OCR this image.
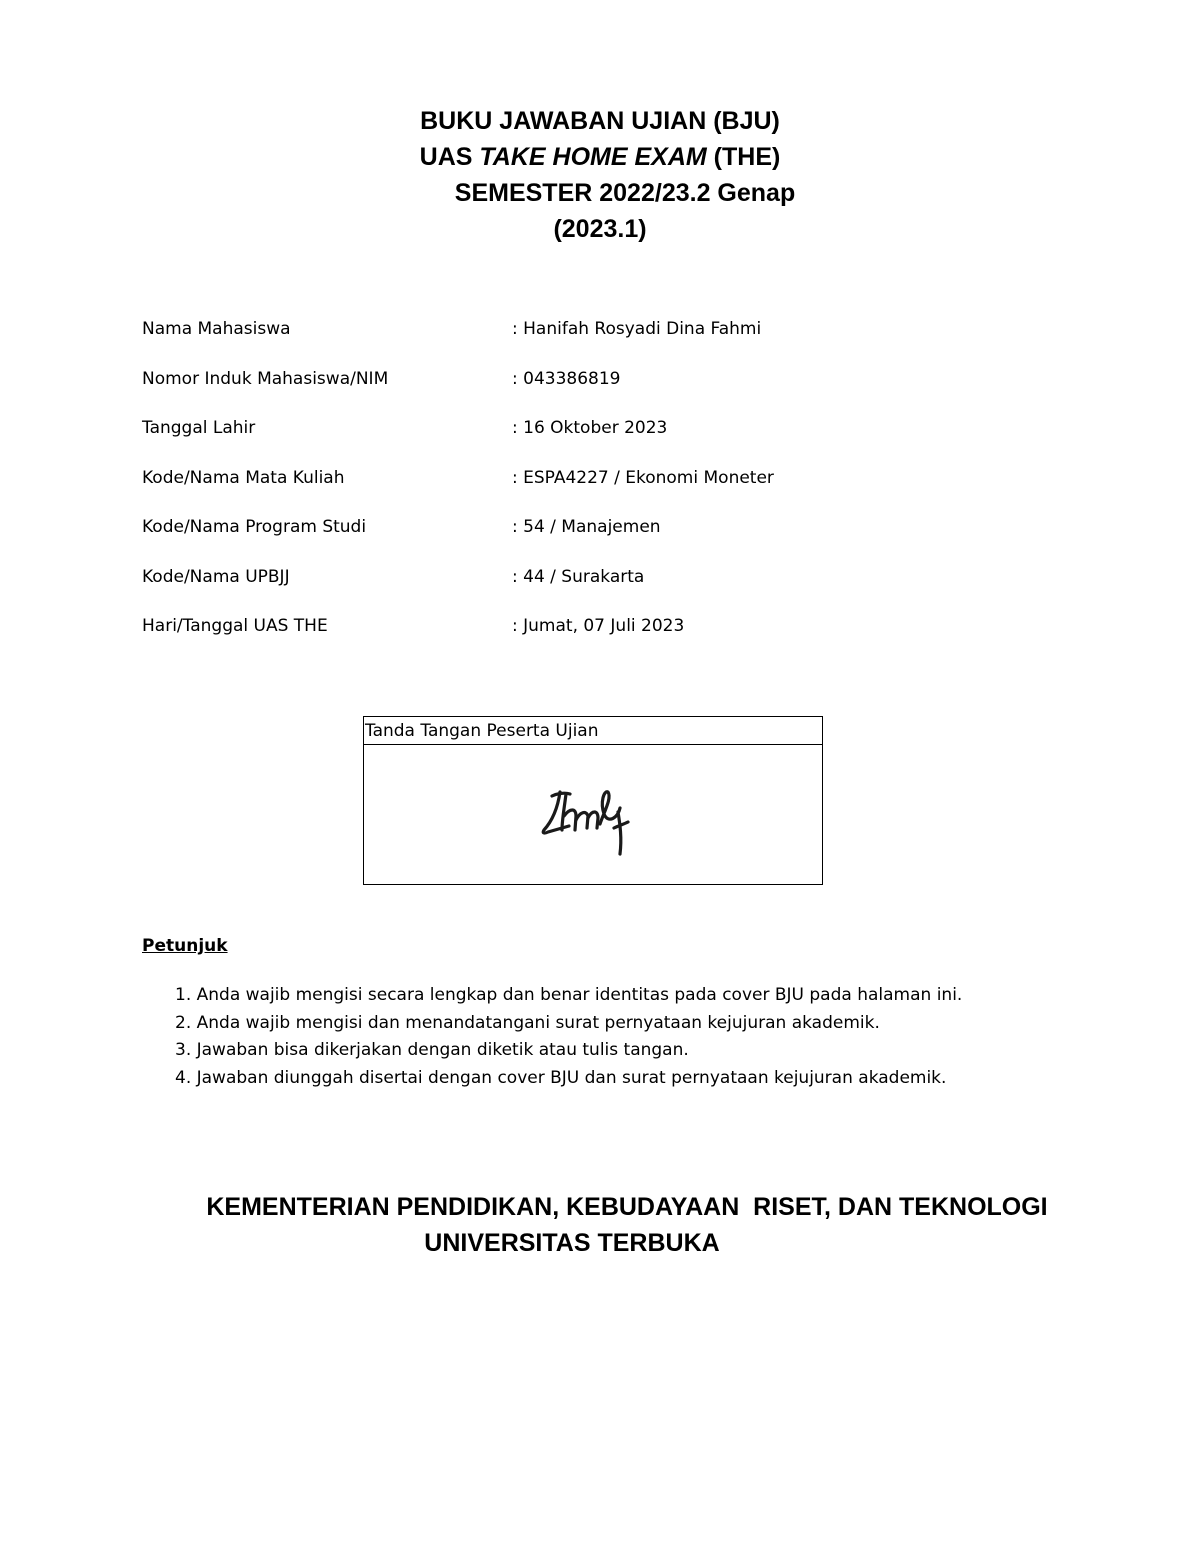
BUKU JAWABAN UJIAN (BJU)
UAS TAKE HOME EXAM (THE)
SEMESTER 2022/23.2 Genap
(2023.1)
Nama Mahasiswa	: Hanifah Rosyadi Dina Fahmi
Nomor Induk Mahasiswa/NIM	: 043386819
Tanggal Lahir	: 16 Oktober 2023
Kode/Nama Mata Kuliah	: ESPA4227 / Ekonomi Moneter
Kode/Nama Program Studi	: 54 / Manajemen
Kode/Nama UPBJJ	: 44 / Surakarta
Hari/Tanggal UAS THE	: Jumat, 07 Juli 2023
Tanda Tangan Peserta Ujian
Petunjuk
1. Anda wajib mengisi secara lengkap dan benar identitas pada cover BJU pada halaman ini.
2. Anda wajib mengisi dan menandatangani surat pernyataan kejujuran akademik.
3. Jawaban bisa dikerjakan dengan diketik atau tulis tangan.
4. Jawaban diunggah disertai dengan cover BJU dan surat pernyataan kejujuran akademik.
KEMENTERIAN PENDIDIKAN, KEBUDAYAAN  RISET, DAN TEKNOLOGI
UNIVERSITAS TERBUKA
